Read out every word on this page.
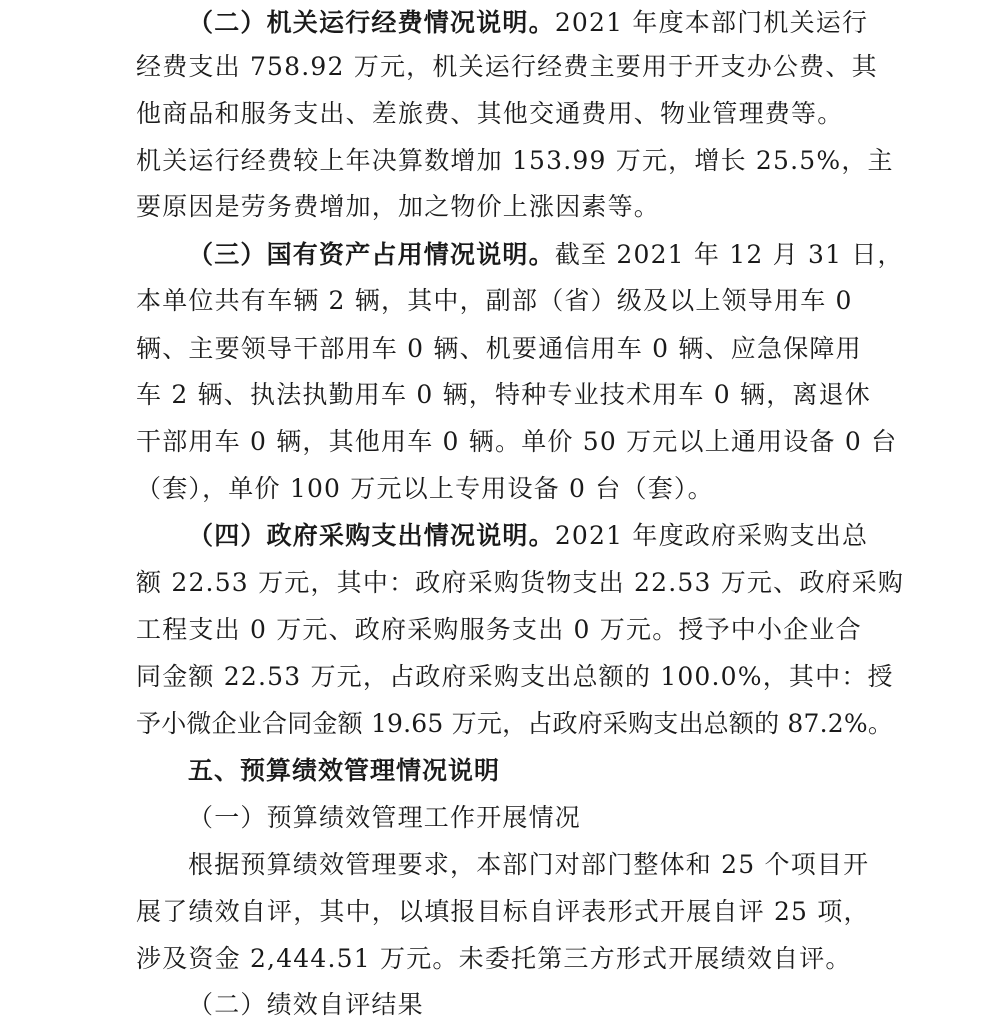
（二）机关运行经费情况说明。2021 年度本部门机关运行
经费支出 758.92 万元，机关运行经费主要用于开支办公费、其
他商品和服务支出、差旅费、其他交通费用、物业管理费等。
机关运行经费较上年决算数增加 153.99 万元，增长 25.5%，主
要原因是劳务费增加，加之物价上涨因素等。
（三）国有资产占用情况说明。截至 2021 年 12 月 31 日，
本单位共有车辆 2 辆，其中，副部（省）级及以上领导用车 0
辆、主要领导干部用车 0 辆、机要通信用车 0 辆、应急保障用
车 2 辆、执法执勤用车 0 辆，特种专业技术用车 0 辆，离退休
干部用车 0 辆，其他用车 0 辆。单价 50 万元以上通用设备 0 台
（套），单价 100 万元以上专用设备 0 台（套）。
（四）政府采购支出情况说明。2021 年度政府采购支出总
额 22.53 万元，其中：政府采购货物支出 22.53 万元、政府采购
工程支出 0 万元、政府采购服务支出 0 万元。授予中小企业合
同金额 22.53 万元，占政府采购支出总额的 100.0%，其中：授
予小微企业合同金额 19.65 万元，占政府采购支出总额的 87.2%。
五、预算绩效管理情况说明
（一）预算绩效管理工作开展情况
根据预算绩效管理要求，本部门对部门整体和 25 个项目开
展了绩效自评，其中，以填报目标自评表形式开展自评 25 项，
涉及资金 2,444.51 万元。未委托第三方形式开展绩效自评。
（二）绩效自评结果
